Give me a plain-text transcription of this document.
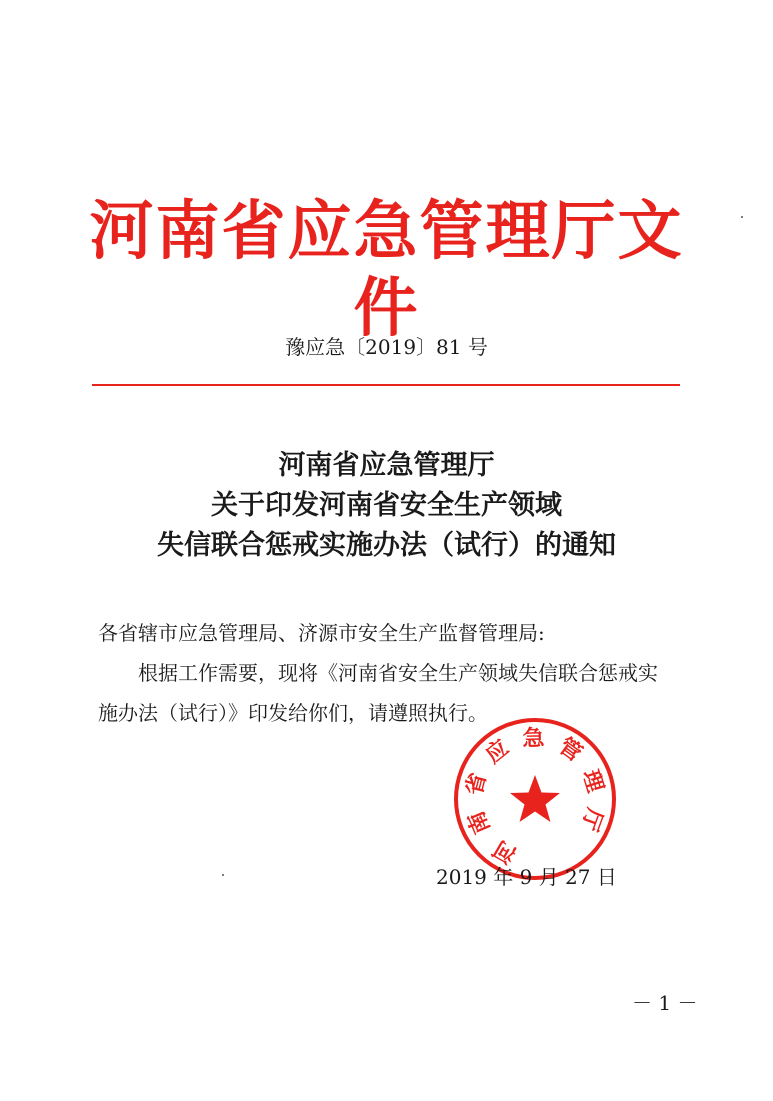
河南省应急管理厅文件
豫应急〔2019〕81 号
河南省应急管理厅
关于印发河南省安全生产领域
失信联合惩戒实施办法（试行）的通知
各省辖市应急管理局、济源市安全生产监督管理局:
根据工作需要，现将《河南省安全生产领域失信联合惩戒实
施办法（试行）》印发给你们，请遵照执行。
河
南
省
应 急 管
理
厅
2019 年 9 月 27 日
－ 1 －
